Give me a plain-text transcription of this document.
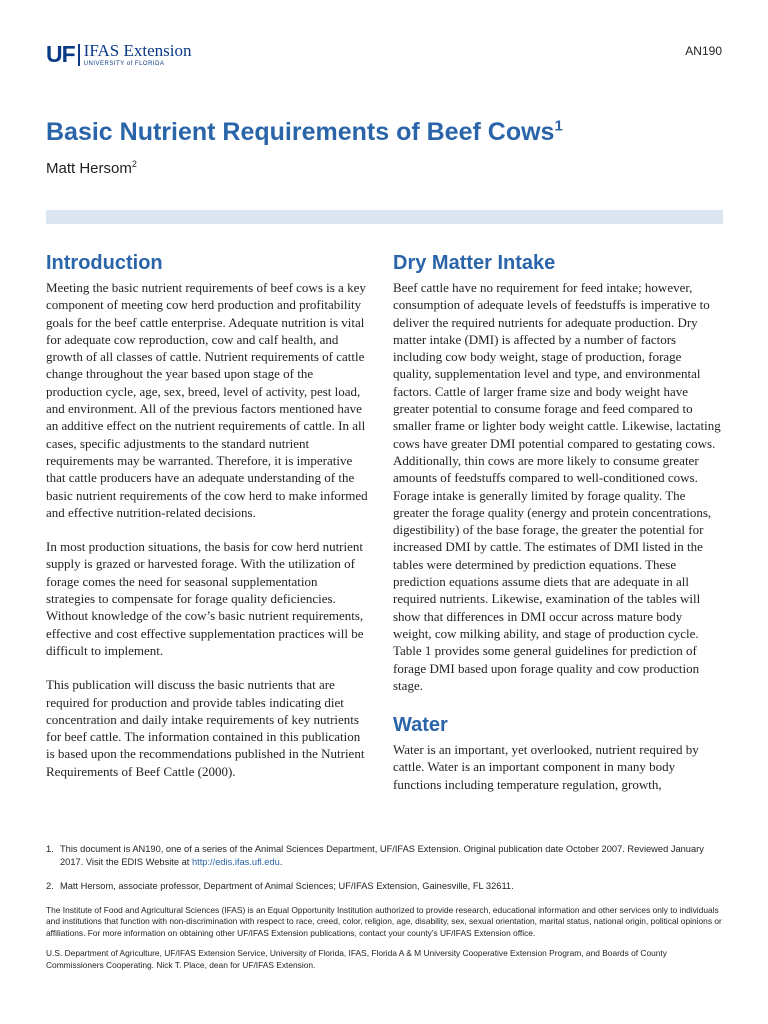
UF IFAS Extension
UNIVERSITY of FLORIDA
AN190
Basic Nutrient Requirements of Beef Cows$^1$
Matt Hersom$^2$
Introduction

Meeting the basic nutrient requirements of beef cows is a key component of meeting cow herd production and profitability goals for the beef cattle enterprise. Adequate nutrition is vital for adequate cow reproduction, cow and calf health, and growth of all classes of cattle. Nutrient requirements of cattle change throughout the year based upon stage of the production cycle, age, sex, breed, level of activity, pest load, and environment. All of the previous factors mentioned have an additive effect on the nutrient requirements of cattle. In all cases, specific adjustments to the standard nutrient requirements may be warranted. Therefore, it is imperative that cattle producers have an adequate understanding of the basic nutrient requirements of the cow herd to make informed and effective nutrition-related decisions.

In most production situations, the basis for cow herd nutrient supply is grazed or harvested forage. With the utilization of forage comes the need for seasonal supplementation strategies to compensate for forage quality deficiencies. Without knowledge of the cow’s basic nutrient requirements, effective and cost effective supplementation practices will be difficult to implement.

This publication will discuss the basic nutrients that are required for production and provide tables indicating diet concentration and daily intake requirements of key nutrients for beef cattle. The information contained in this publication is based upon the recommendations published in the Nutrient Requirements of Beef Cattle (2000).

Dry Matter Intake

Beef cattle have no requirement for feed intake; however, consumption of adequate levels of feedstuffs is imperative to deliver the required nutrients for adequate production. Dry matter intake (DMI) is affected by a number of factors including cow body weight, stage of production, forage quality, supplementation level and type, and environmental factors. Cattle of larger frame size and body weight have greater potential to consume forage and feed compared to smaller frame or lighter body weight cattle. Likewise, lactating cows have greater DMI potential compared to gestating cows. Additionally, thin cows are more likely to consume greater amounts of feedstuffs compared to well-conditioned cows. Forage intake is generally limited by forage quality. The greater the forage quality (energy and protein concentrations, digestibility) of the base forage, the greater the potential for increased DMI by cattle. The estimates of DMI listed in the tables were determined by prediction equations. These prediction equations assume diets that are adequate in all required nutrients. Likewise, examination of the tables will show that differences in DMI occur across mature body weight, cow milking ability, and stage of production cycle. Table 1 provides some general guidelines for prediction of forage DMI based upon forage quality and cow production stage.

Water

Water is an important, yet overlooked, nutrient required by cattle. Water is an important component in many body functions including temperature regulation, growth,

1. This document is AN190, one of a series of the Animal Sciences Department, UF/IFAS Extension. Original publication date October 2007. Reviewed January 2017. Visit the EDIS Website at http://edis.ifas.ufl.edu.
2. Matt Hersom, associate professor, Department of Animal Sciences; UF/IFAS Extension, Gainesville, FL 32611.

The Institute of Food and Agricultural Sciences (IFAS) is an Equal Opportunity Institution authorized to provide research, educational information and other services only to individuals and institutions that function with non-discrimination with respect to race, creed, color, religion, age, disability, sex, sexual orientation, marital status, national origin, political opinions or affiliations. For more information on obtaining other UF/IFAS Extension publications, contact your county’s UF/IFAS Extension office.

U.S. Department of Agriculture, UF/IFAS Extension Service, University of Florida, IFAS, Florida A & M University Cooperative Extension Program, and Boards of County Commissioners Cooperating. Nick T. Place, dean for UF/IFAS Extension.
